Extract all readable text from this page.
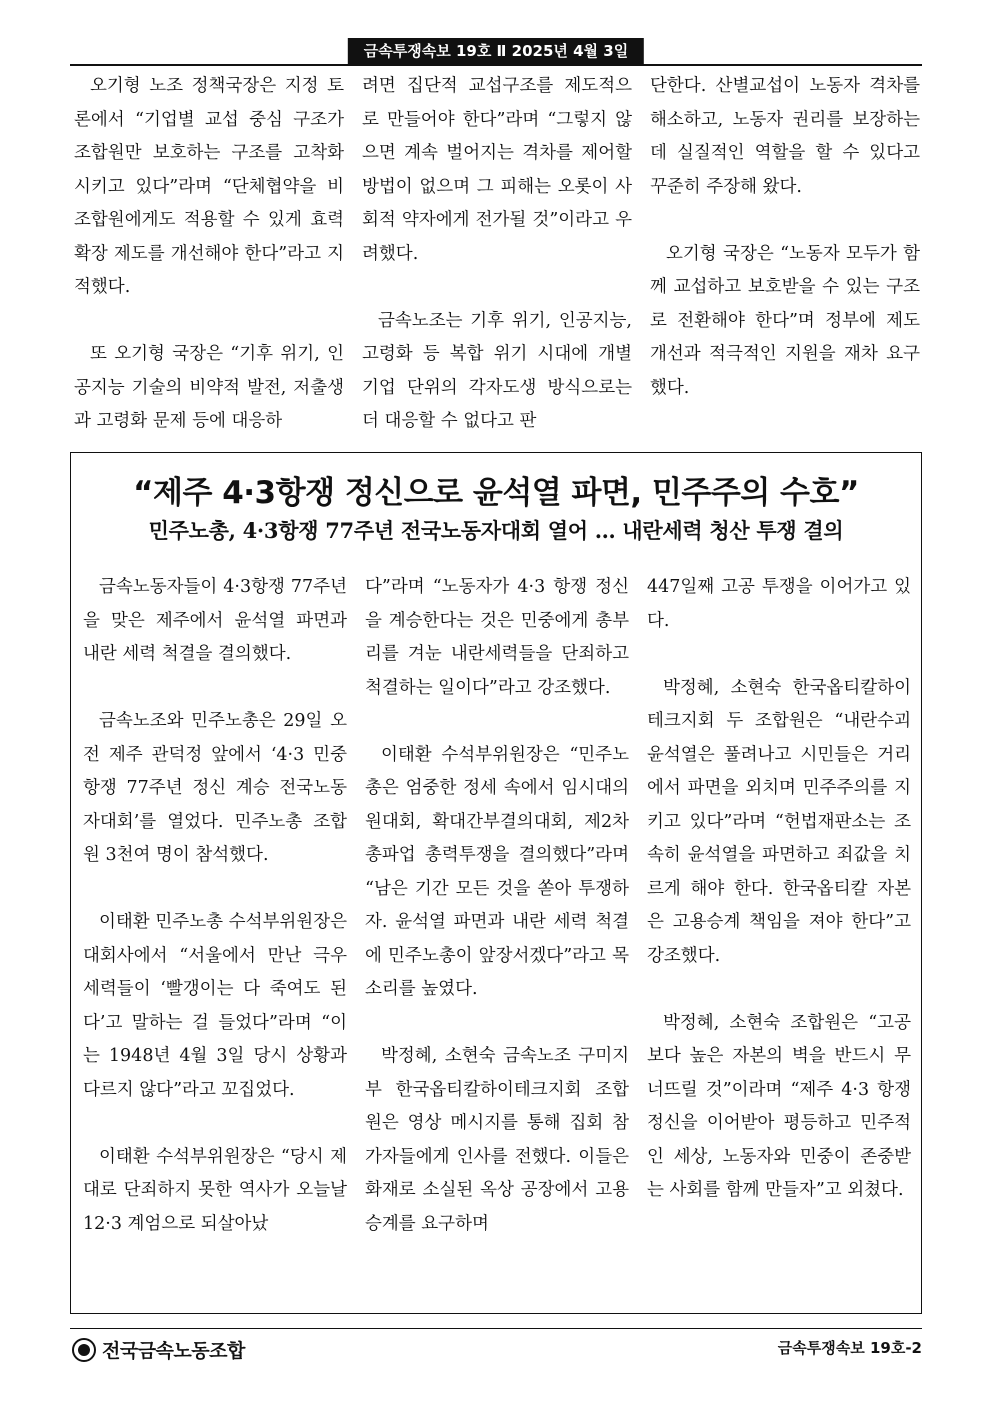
금속투쟁속보 19호 Ⅱ 2025년 4월 3일

오기형 노조 정책국장은 지정 토론에서 “기업별 교섭 중심 구조가 조합원만 보호하는 구조를 고착화시키고 있다”라며 “단체협약을 비조합원에게도 적용할 수 있게 효력확장 제도를 개선해야 한다”라고 지적했다.

또 오기형 국장은 “기후 위기, 인공지능 기술의 비약적 발전, 저출생과 고령화 문제 등에 대응하

려면 집단적 교섭구조를 제도적으로 만들어야 한다”라며 “그렇지 않으면 계속 벌어지는 격차를 제어할 방법이 없으며 그 피해는 오롯이 사회적 약자에게 전가될 것”이라고 우려했다.

금속노조는 기후 위기, 인공지능, 고령화 등 복합 위기 시대에 개별 기업 단위의 각자도생 방식으로는 더 대응할 수 없다고 판

단한다. 산별교섭이 노동자 격차를 해소하고, 노동자 권리를 보장하는 데 실질적인 역할을 할 수 있다고 꾸준히 주장해 왔다.

오기형 국장은 “노동자 모두가 함께 교섭하고 보호받을 수 있는 구조로 전환해야 한다”며 정부에 제도 개선과 적극적인 지원을 재차 요구했다.

“제주 4·3항쟁 정신으로 윤석열 파면, 민주주의 수호”
민주노총, 4·3항쟁 77주년 전국노동자대회 열어 … 내란세력 청산 투쟁 결의

금속노동자들이 4·3항쟁 77주년을 맞은 제주에서 윤석열 파면과 내란 세력 척결을 결의했다.

금속노조와 민주노총은 29일 오전 제주 관덕정 앞에서 ‘4·3 민중항쟁 77주년 정신 계승 전국노동자대회’를 열었다. 민주노총 조합원 3천여 명이 참석했다.

이태환 민주노총 수석부위원장은 대회사에서 “서울에서 만난 극우 세력들이 ‘빨갱이는 다 죽여도 된다’고 말하는 걸 들었다”라며 “이는 1948년 4월 3일 당시 상황과 다르지 않다”라고 꼬집었다.

이태환 수석부위원장은 “당시 제대로 단죄하지 못한 역사가 오늘날 12·3 계엄으로 되살아났

다”라며 “노동자가 4·3 항쟁 정신을 계승한다는 것은 민중에게 총부리를 겨눈 내란세력들을 단죄하고 척결하는 일이다”라고 강조했다.

이태환 수석부위원장은 “민주노총은 엄중한 정세 속에서 임시대의원대회, 확대간부결의대회, 제2차 총파업 총력투쟁을 결의했다”라며 “남은 기간 모든 것을 쏟아 투쟁하자. 윤석열 파면과 내란 세력 척결에 민주노총이 앞장서겠다”라고 목소리를 높였다.

박정혜, 소현숙 금속노조 구미지부 한국옵티칼하이테크지회 조합원은 영상 메시지를 통해 집회 참가자들에게 인사를 전했다. 이들은 화재로 소실된 옥상 공장에서 고용 승계를 요구하며

447일째 고공 투쟁을 이어가고 있다.

박정혜, 소현숙 한국옵티칼하이테크지회 두 조합원은 “내란수괴 윤석열은 풀려나고 시민들은 거리에서 파면을 외치며 민주주의를 지키고 있다”라며 “헌법재판소는 조속히 윤석열을 파면하고 죄값을 치르게 해야 한다. 한국옵티칼 자본은 고용승계 책임을 져야 한다”고 강조했다.

박정혜, 소현숙 조합원은 “고공보다 높은 자본의 벽을 반드시 무너뜨릴 것”이라며 “제주 4·3 항쟁 정신을 이어받아 평등하고 민주적인 세상, 노동자와 민중이 존중받는 사회를 함께 만들자”고 외쳤다.

전국금속노동조합	금속투쟁속보 19호-2
